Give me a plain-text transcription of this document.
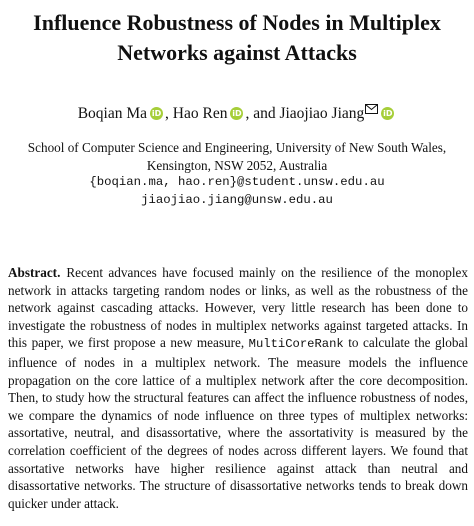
Influence Robustness of Nodes in Multiplex
Networks against Attacks
Boqian Ma iD , Hao Ren iD , and Jiaojiao Jiang iD
School of Computer Science and Engineering, University of New South Wales,
Kensington, NSW 2052, Australia
{boqian.ma, hao.ren}@student.unsw.edu.au
jiaojiao.jiang@unsw.edu.au

Abstract. Recent advances have focused mainly on the resilience of the monoplex network in attacks targeting random nodes or links, as well as the robustness of the network against cascading attacks. However, very little research has been done to investigate the robustness of nodes in multiplex networks against targeted attacks. In this paper, we first propose a new measure, MultiCoreRank to calculate the global influence of nodes in a multiplex network. The measure models the influence propagation on the core lattice of a multiplex network after the core decomposition. Then, to study how the structural features can affect the influence robustness of nodes, we compare the dynamics of node influence on three types of multiplex networks: assortative, neutral, and disassortative, where the assortativity is measured by the correlation coefficient of the degrees of nodes across different layers. We found that assortative networks have higher resilience against attack than neutral and disassortative networks. The structure of disassortative networks tends to break down quicker under attack.
